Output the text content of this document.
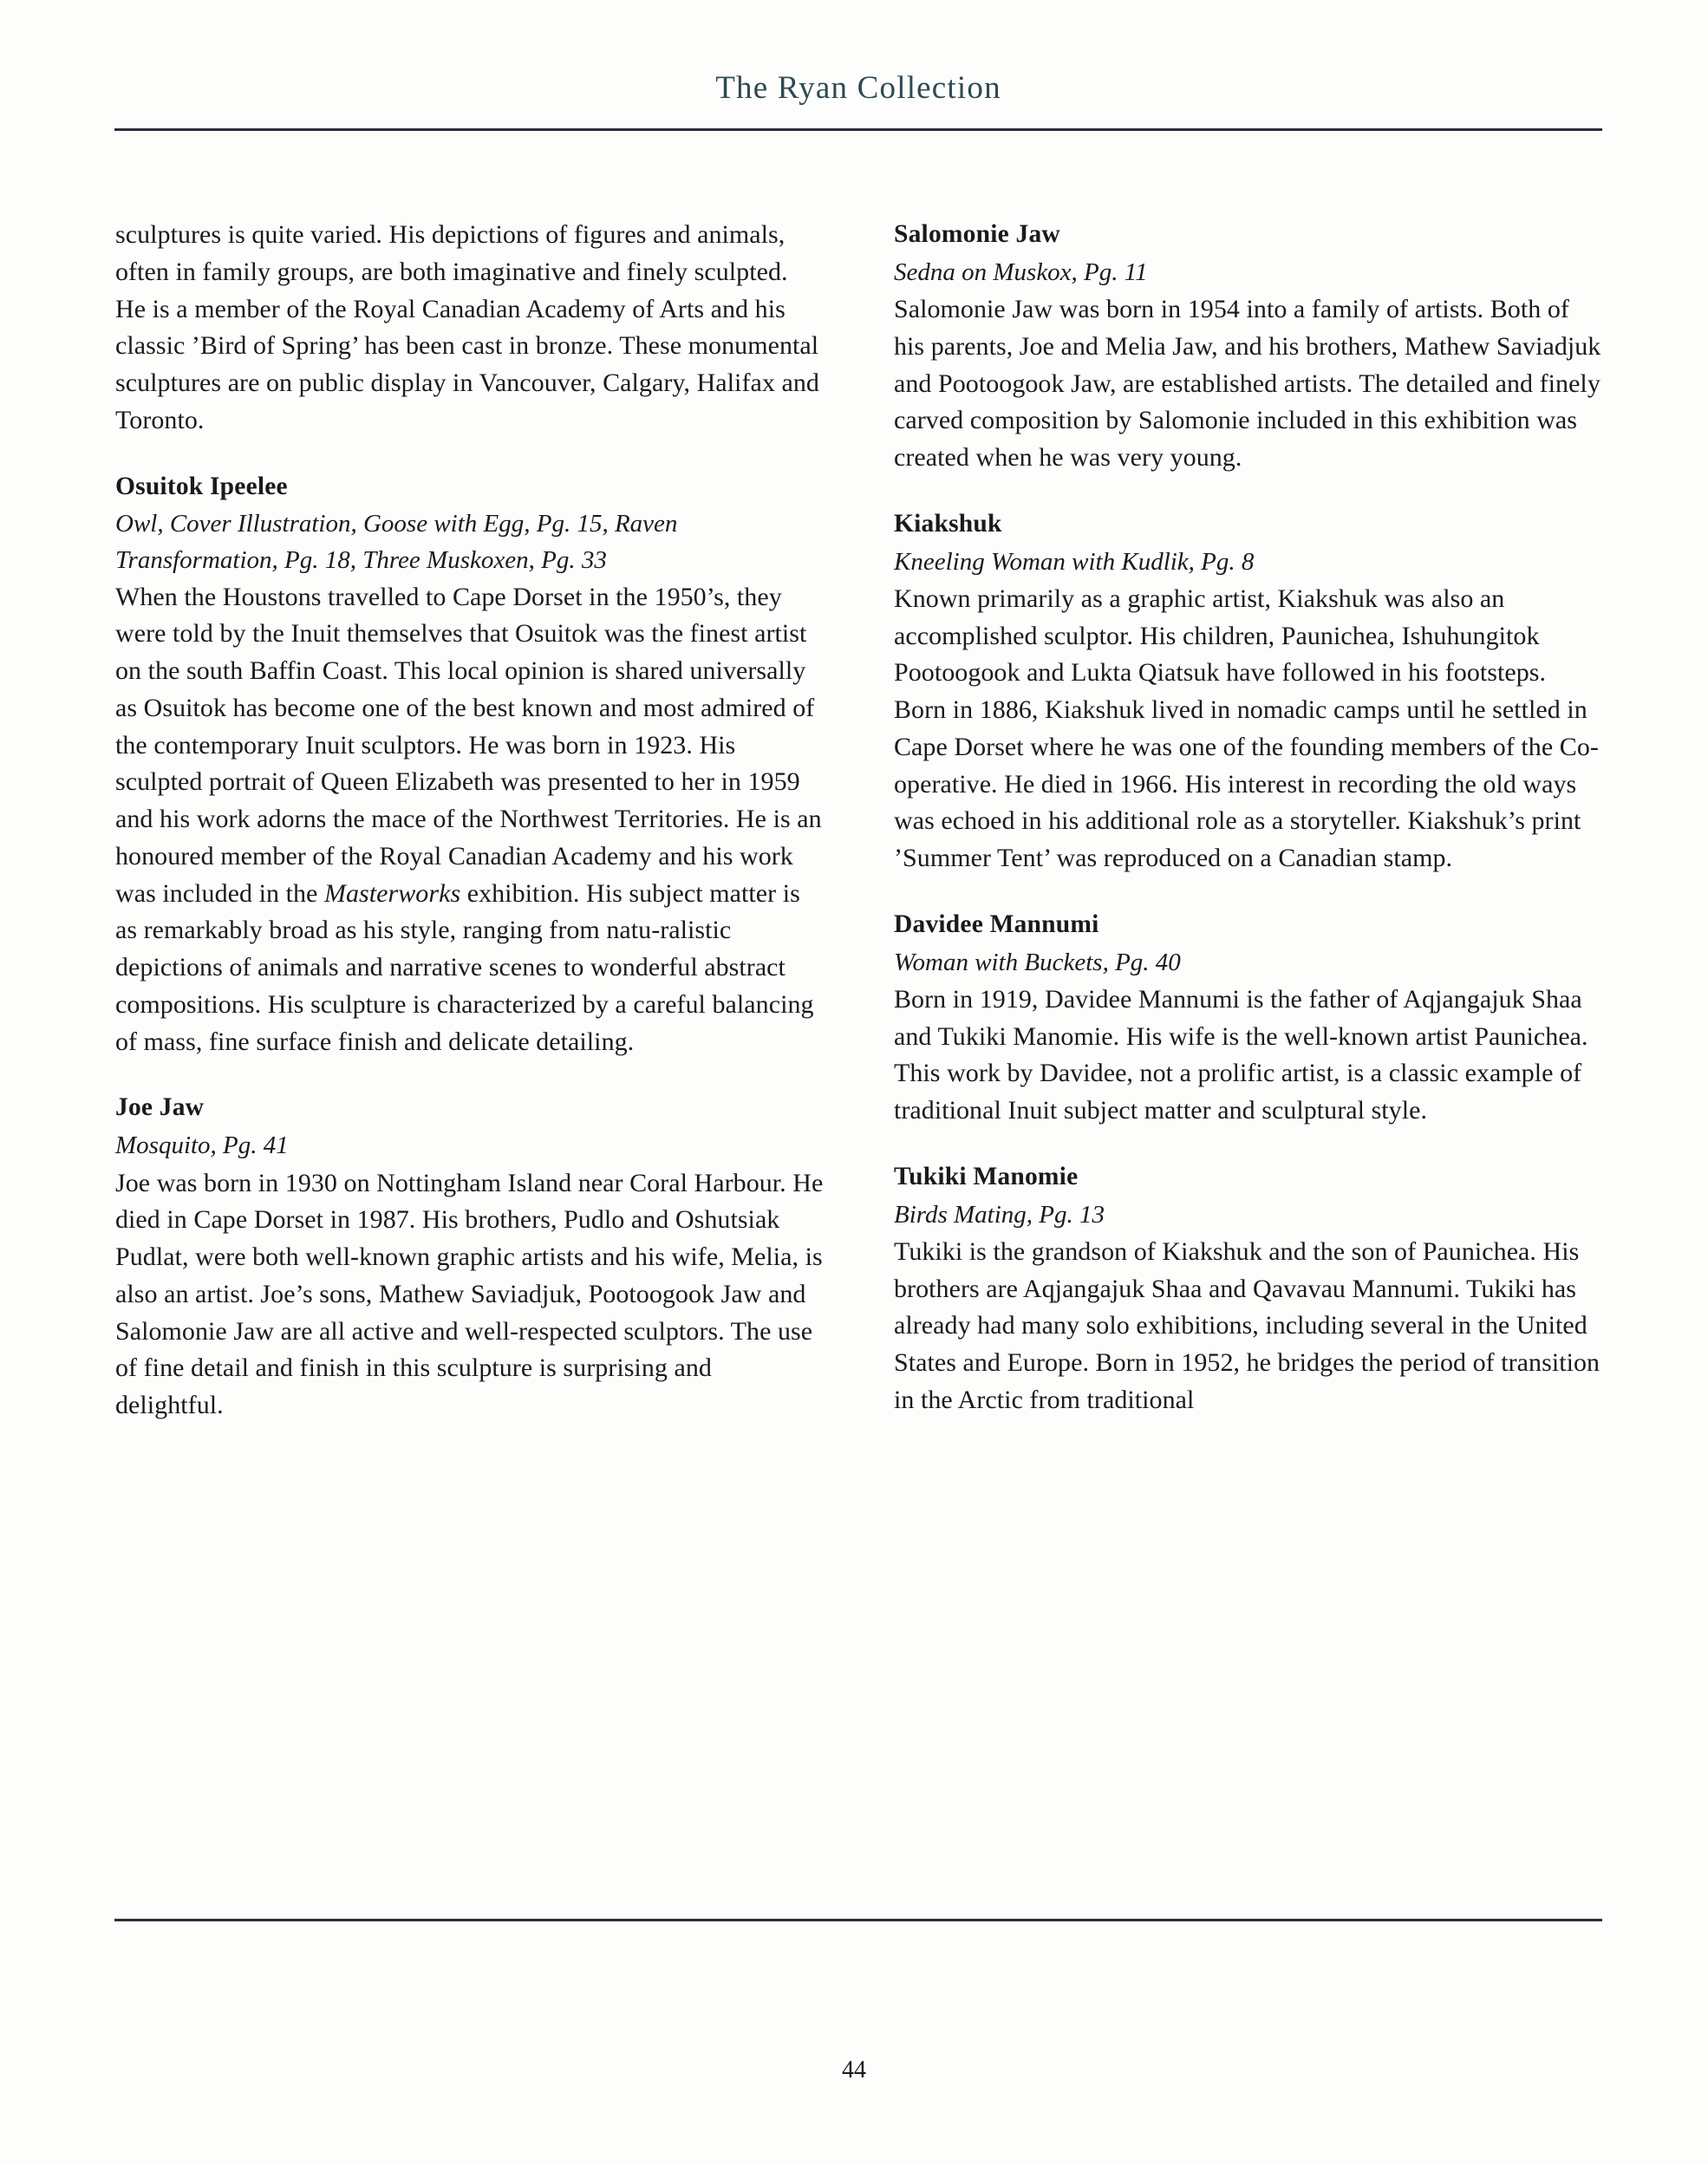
The Ryan Collection
sculptures is quite varied. His depictions of figures and animals, often in family groups, are both imaginative and finely sculpted. He is a member of the Royal Canadian Academy of Arts and his classic ’Bird of Spring’ has been cast in bronze. These monumental sculptures are on public display in Vancouver, Calgary, Halifax and Toronto.
Osuitok Ipeelee
Owl, Cover Illustration, Goose with Egg, Pg. 15, Raven Transformation, Pg. 18, Three Muskoxen, Pg. 33
When the Houstons travelled to Cape Dorset in the 1950’s, they were told by the Inuit themselves that Osuitok was the finest artist on the south Baffin Coast. This local opinion is shared universally as Osuitok has become one of the best known and most admired of the contemporary Inuit sculptors. He was born in 1923. His sculpted portrait of Queen Elizabeth was presented to her in 1959 and his work adorns the mace of the Northwest Territories. He is an honoured member of the Royal Canadian Academy and his work was included in the Masterworks exhibition. His subject matter is as remarkably broad as his style, ranging from natu-ralistic depictions of animals and narrative scenes to wonderful abstract compositions. His sculpture is characterized by a careful balancing of mass, fine surface finish and delicate detailing.
Joe Jaw
Mosquito, Pg. 41
Joe was born in 1930 on Nottingham Island near Coral Harbour. He died in Cape Dorset in 1987. His brothers, Pudlo and Oshutsiak Pudlat, were both well-known graphic artists and his wife, Melia, is also an artist. Joe’s sons, Mathew Saviadjuk, Pootoogook Jaw and Salomonie Jaw are all active and well-respected sculptors. The use of fine detail and finish in this sculpture is surprising and delightful.
Salomonie Jaw
Sedna on Muskox, Pg. 11
Salomonie Jaw was born in 1954 into a family of artists. Both of his parents, Joe and Melia Jaw, and his brothers, Mathew Saviadjuk and Pootoogook Jaw, are established artists. The detailed and finely carved composition by Salomonie included in this exhibition was created when he was very young.
Kiakshuk
Kneeling Woman with Kudlik, Pg. 8
Known primarily as a graphic artist, Kiakshuk was also an accomplished sculptor. His children, Paunichea, Ishuhungitok Pootoogook and Lukta Qiatsuk have followed in his footsteps. Born in 1886, Kiakshuk lived in nomadic camps until he settled in Cape Dorset where he was one of the founding members of the Co-operative. He died in 1966. His interest in recording the old ways was echoed in his additional role as a storyteller. Kiakshuk’s print ’Summer Tent’ was reproduced on a Canadian stamp.
Davidee Mannumi
Woman with Buckets, Pg. 40
Born in 1919, Davidee Mannumi is the father of Aqjangajuk Shaa and Tukiki Manomie. His wife is the well-known artist Paunichea. This work by Davidee, not a prolific artist, is a classic example of traditional Inuit subject matter and sculptural style.
Tukiki Manomie
Birds Mating, Pg. 13
Tukiki is the grandson of Kiakshuk and the son of Paunichea. His brothers are Aqjangajuk Shaa and Qavavau Mannumi. Tukiki has already had many solo exhibitions, including several in the United States and Europe. Born in 1952, he bridges the period of transition in the Arctic from traditional
44
